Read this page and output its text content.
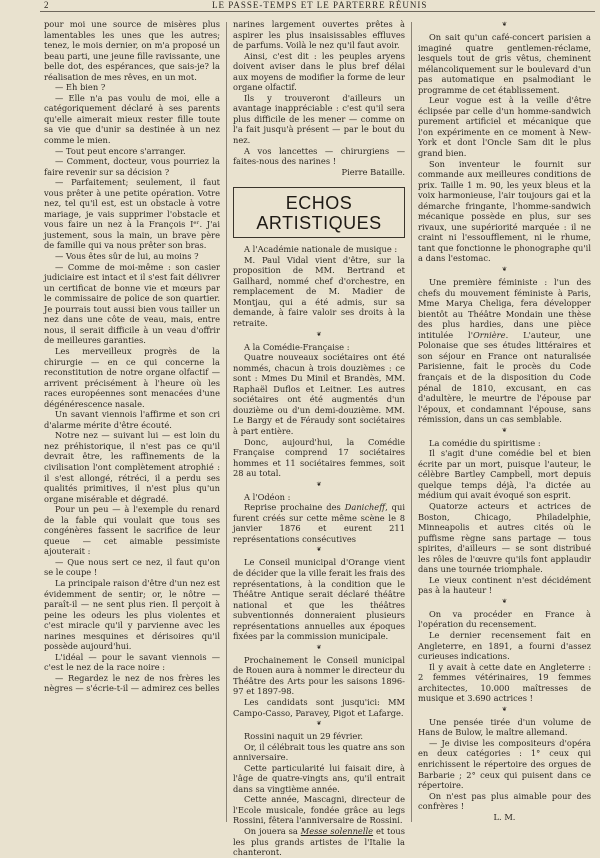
2	LE PASSE-TEMPS ET LE PARTERRE RÉUNIS

pour moi une source de misères plus lamentables les unes que les autres; tenez, le mois dernier, on m'a proposé un beau parti, une jeune fille ravissante, une belle dot, des espérances, que sais-je? la réalisation de mes rêves, en un mot.

— Eh bien ?

— Elle n'a pas voulu de moi, elle a catégoriquement déclaré à ses parents qu'elle aimerait mieux rester fille toute sa vie que d'unir sa destinée à un nez comme le mien.

— Tout peut encore s'arranger.

— Comment, docteur, vous pourriez la faire revenir sur sa décision ?

— Parfaitement; seulement, il faut vous prêter à une petite opération. Votre nez, tel qu'il est, est un obstacle à votre mariage, je vais supprimer l'obstacle et vous faire un nez à la François Iᵉʳ. J'ai justement, sous la main, un brave père de famille qui va nous prêter son bras.

— Vous êtes sûr de lui, au moins ?

— Comme de moi-même : son casier judiciaire est intact et il s'est fait délivrer un certificat de bonne vie et mœurs par le commissaire de police de son quartier. Je pourrais tout aussi bien vous tailler un nez dans une côte de veau, mais, entre nous, il serait difficile à un veau d'offrir de meilleures garanties.

Les merveilleux progrès de la chirurgie — en ce qui concerne la reconstitution de notre organe olfactif — arrivent précisément à l'heure où les races européennes sont menacées d'une dégénérescence nasale.

Un savant viennois l'affirme et son cri d'alarme mérite d'être écouté.

Notre nez — suivant lui — est loin du nez préhistorique, il n'est pas ce qu'il devrait être, les raffinements de la civilisation l'ont complètement atrophié : il s'est allongé, rétréci, il a perdu ses qualités primitives, il n'est plus qu'un organe misérable et dégradé.

Pour un peu — à l'exemple du renard de la fable qui voulait que tous ses congénères fassent le sacrifice de leur queue — cet aimable pessimiste ajouterait :

— Que nous sert ce nez, il faut qu'on se le coupe !

La principale raison d'être d'un nez est évidemment de sentir; or, le nôtre — paraît-il — ne sent plus rien. Il perçoit à peine les odeurs les plus violentes et c'est miracle qu'il y parvienne avec les narines mesquines et dérisoires qu'il possède aujourd'hui.

L'idéal — pour le savant viennois — c'est le nez de la race noire :

— Regardez le nez de nos frères les nègres — s'écrie-t-il — admirez ces belles

narines largement ouvertes prêtes à aspirer les plus insaisissables effluves de parfums. Voilà le nez qu'il faut avoir.

Ainsi, c'est dit : les peuples aryens doivent aviser dans le plus bref délai aux moyens de modifier la forme de leur organe olfactif.

Ils y trouveront d'ailleurs un avantage inappréciable : c'est qu'il sera plus difficile de les mener — comme on l'a fait jusqu'à présent — par le bout du nez.

A vos lancettes — chirurgiens — faites-nous des narines !

Pierre Bataille.

ECHOS ARTISTIQUES

A l'Académie nationale de musique :

M. Paul Vidal vient d'être, sur la proposition de MM. Bertrand et Gailhard, nommé chef d'orchestre, en remplacement de M. Madier de Montjau, qui a été admis, sur sa demande, à faire valoir ses droits à la retraite.

❦

A la Comédie-Française :

Quatre nouveaux sociétaires ont été nommés, chacun à trois douzièmes : ce sont : Mmes Du Minil et Brandès, MM. Raphaël Duflos et Leitner. Les autres sociétaires ont été augmentés d'un douzième ou d'un demi-douzième. MM. Le Bargy et de Féraudy sont sociétaires à part entière.

Donc, aujourd'hui, la Comédie Française comprend 17 sociétaires hommes et 11 sociétaires femmes, soit 28 au total.

❦

A l'Odéon :

Reprise prochaine des Danicheff, qui furent créés sur cette même scène le 8 janvier 1876 et eurent 211 représentations consécutives

❦

Le Conseil municipal d'Orange vient de décider que la ville ferait les frais des représentations, à la condition que le Théâtre Antique serait déclaré théâtre national et que les théâtres subventionnés donneraient plusieurs représentations annuelles aux époques fixées par la commission municipale.

❦

Prochainement le Conseil municipal de Rouen aura à nommer le directeur du Théâtre des Arts pour les saisons 1896-97 et 1897-98.

Les candidats sont jusqu'ici: MM Campo-Casso, Paravey, Pigot et Lafarge.

❦

Rossini naquit un 29 février.

Or, il célébrait tous les quatre ans son anniversaire.

Cette particularité lui faisait dire, à l'âge de quatre-vingts ans, qu'il entrait dans sa vingtième année.

Cette année, Mascagni, directeur de l'Ecole musicale, fondée grâce au legs Rossini, fêtera l'anniversaire de Rossini.

On jouera sa Messe solennelle et tous les plus grands artistes de l'Italie la chanteront.

❦

On sait qu'un café-concert parisien a imaginé quatre gentlemen-réclame, lesquels tout de gris vêtus, cheminent mélancoliquement sur le boulevard d'un pas automatique en psalmodiant le programme de cet établissement.

Leur vogue est à la veille d'être éclipsée par celle d'un homme-sandwich purement artificiel et mécanique que l'on expérimente en ce moment à New-York et dont l'Oncle Sam dit le plus grand bien.

Son inventeur le fournit sur commande aux meilleures conditions de prix. Taille 1 m. 90, les yeux bleus et la voix harmonieuse, l'air toujours gai et la démarche fringante, l'homme-sandwich mécanique possède en plus, sur ses rivaux, une supériorité marquée : il ne craint ni l'essoufflement, ni le rhume, tant que fonctionne le phonographe qu'il a dans l'estomac.

❦

Une première féministe : l'un des chefs du mouvement féministe à Paris, Mme Marya Cheliga, fera développer bientôt au Théâtre Mondain une thèse des plus hardies, dans une pièce intitulée l'Ornière. L'auteur, une Polonaise que ses études littéraires et son séjour en France ont naturalisée Parisienne, fait le procès du Code français et de la disposition du Code pénal de 1810, excusant, en cas d'adultère, le meurtre de l'épouse par l'époux, et condamnant l'épouse, sans rémission, dans un cas semblable.

❦

La comédie du spiritisme :

Il s'agit d'une comédie bel et bien écrite par un mort, puisque l'auteur, le célèbre Bartley Campbell, mort depuis quelque temps déjà, l'a dictée au médium qui avait évoqué son esprit.

Quatorze acteurs et actrices de Boston, Chicago, Philadelphie, Minneapolis et autres cités où le puffisme règne sans partage — tous spirites, d'ailleurs — se sont distribué les rôles de l'œuvre qu'ils font applaudir dans une tournée triomphale.

Le vieux continent n'est décidément pas à la hauteur !

❦

On va procéder en France à l'opération du recensement.

Le dernier recensement fait en Angleterre, en 1891, a fourni d'assez curieuses indications.

Il y avait à cette date en Angleterre : 2 femmes vétérinaires, 19 femmes architectes, 10.000 maîtresses de musique et 3.690 actrices !

❦

Une pensée tirée d'un volume de Hans de Bulow, le maître allemand.

— Je divise les compositeurs d'opéra en deux catégories : 1° ceux qui enrichissent le répertoire des orgues de Barbarie ; 2° ceux qui puisent dans ce répertoire.

On n'est pas plus aimable pour des confrères !

L. M.
